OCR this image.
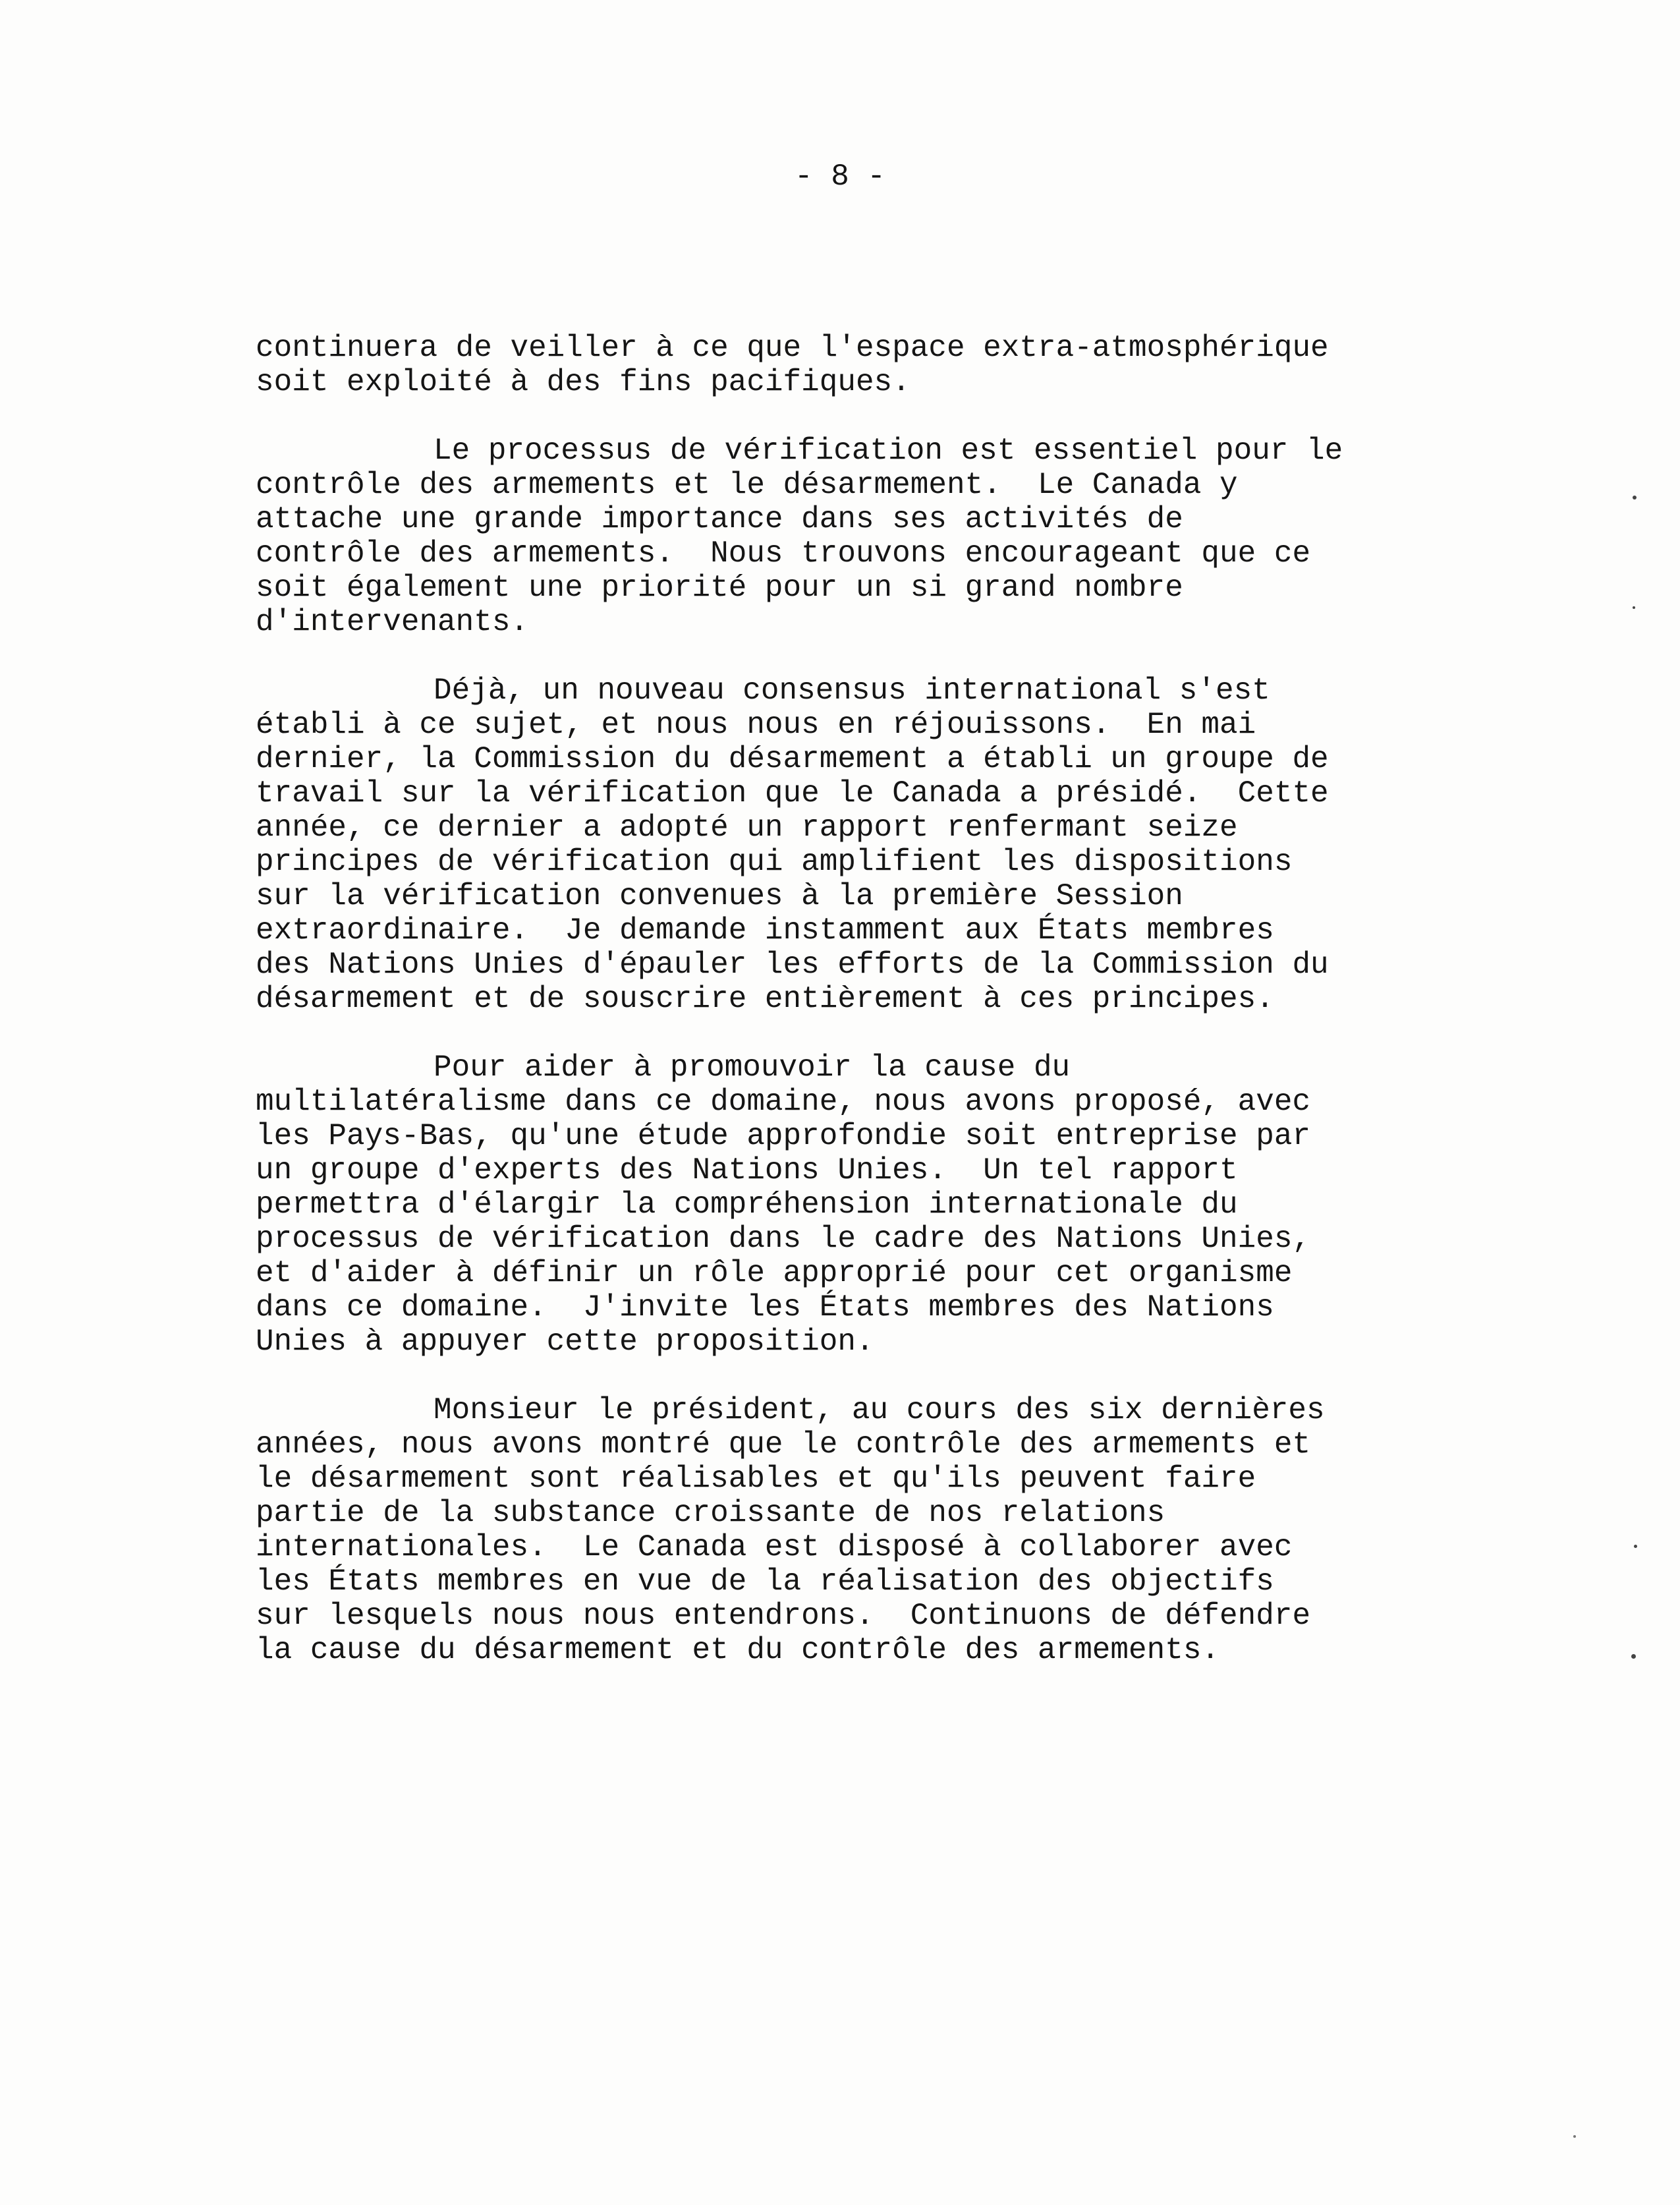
- 8 -
continuera de veiller à ce que l'espace extra-atmosphérique
soit exploité à des fins pacifiques.
Le processus de vérification est essentiel pour le
contrôle des armements et le désarmement.  Le Canada y
attache une grande importance dans ses activités de
contrôle des armements.  Nous trouvons encourageant que ce
soit également une priorité pour un si grand nombre
d'intervenants.
Déjà, un nouveau consensus international s'est
établi à ce sujet, et nous nous en réjouissons.  En mai
dernier, la Commission du désarmement a établi un groupe de
travail sur la vérification que le Canada a présidé.  Cette
année, ce dernier a adopté un rapport renfermant seize
principes de vérification qui amplifient les dispositions
sur la vérification convenues à la première Session
extraordinaire.  Je demande instamment aux États membres
des Nations Unies d'épauler les efforts de la Commission du
désarmement et de souscrire entièrement à ces principes.
Pour aider à promouvoir la cause du
multilatéralisme dans ce domaine, nous avons proposé, avec
les Pays-Bas, qu'une étude approfondie soit entreprise par
un groupe d'experts des Nations Unies.  Un tel rapport
permettra d'élargir la compréhension internationale du
processus de vérification dans le cadre des Nations Unies,
et d'aider à définir un rôle approprié pour cet organisme
dans ce domaine.  J'invite les États membres des Nations
Unies à appuyer cette proposition.
Monsieur le président, au cours des six dernières
années, nous avons montré que le contrôle des armements et
le désarmement sont réalisables et qu'ils peuvent faire
partie de la substance croissante de nos relations
internationales.  Le Canada est disposé à collaborer avec
les États membres en vue de la réalisation des objectifs
sur lesquels nous nous entendrons.  Continuons de défendre
la cause du désarmement et du contrôle des armements.
